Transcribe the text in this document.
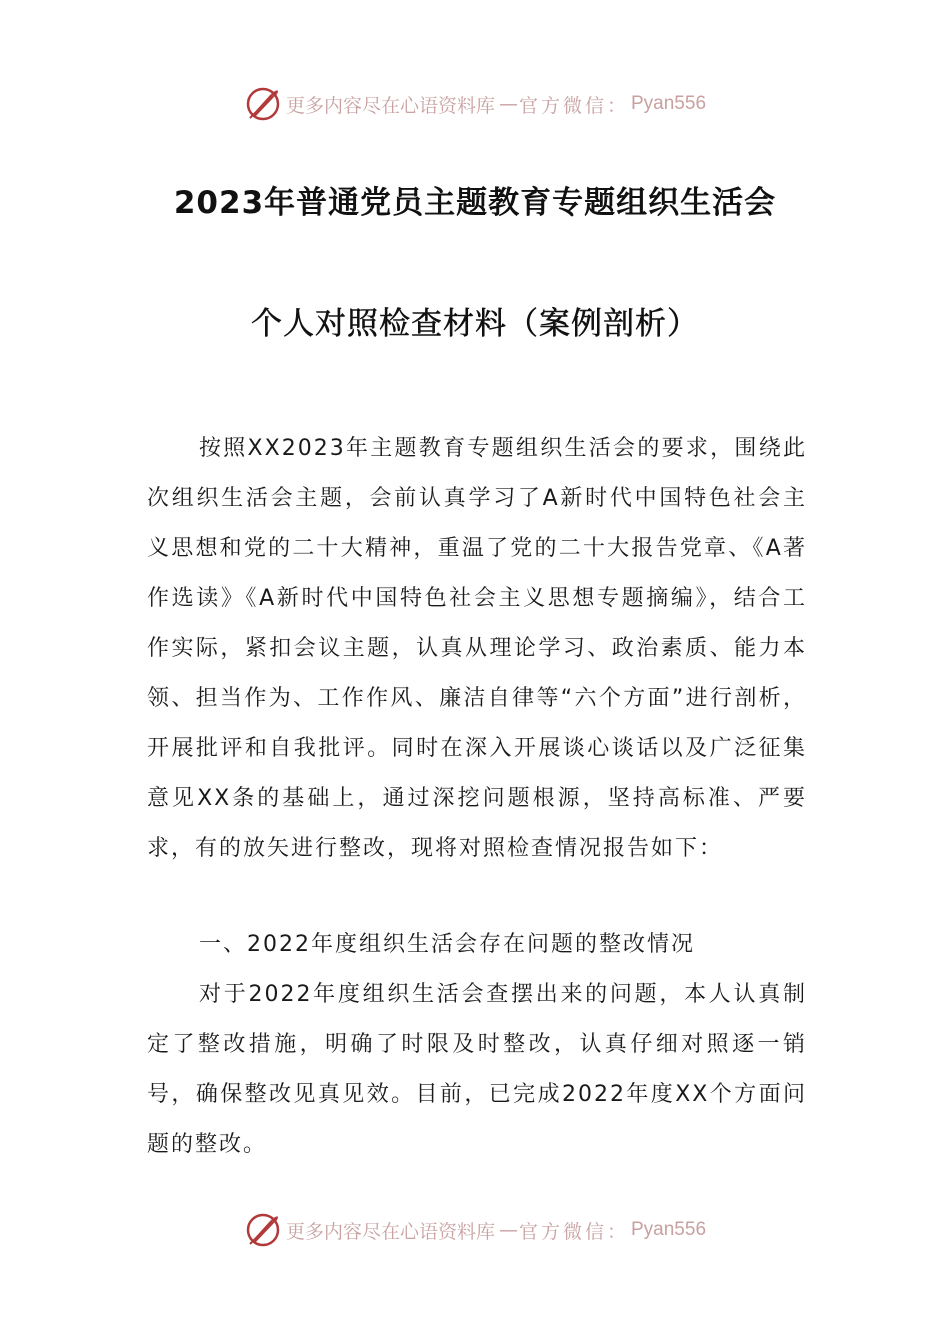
更多内容尽在心语资料库 — 官方微信： Pyan556
2023年普通党员主题教育专题组织生活会
个人对照检查材料（案例剖析）

按照XX2023年主题教育专题组织生活会的要求，围绕此次组织生活会主题，会前认真学习了A新时代中国特色社会主义思想和党的二十大精神，重温了党的二十大报告党章、《A著作选读》《A新时代中国特色社会主义思想专题摘编》，结合工作实际，紧扣会议主题，认真从理论学习、政治素质、能力本领、担当作为、工作作风、廉洁自律等“六个方面”进行剖析，开展批评和自我批评。同时在深入开展谈心谈话以及广泛征集意见XX条的基础上，通过深挖问题根源，坚持高标准、严要求，有的放矢进行整改，现将对照检查情况报告如下：

一、2022年度组织生活会存在问题的整改情况

对于2022年度组织生活会查摆出来的问题，本人认真制定了整改措施，明确了时限及时整改，认真仔细对照逐一销号，确保整改见真见效。目前，已完成2022年度XX个方面问题的整改。

更多内容尽在心语资料库 — 官方微信： Pyan556
